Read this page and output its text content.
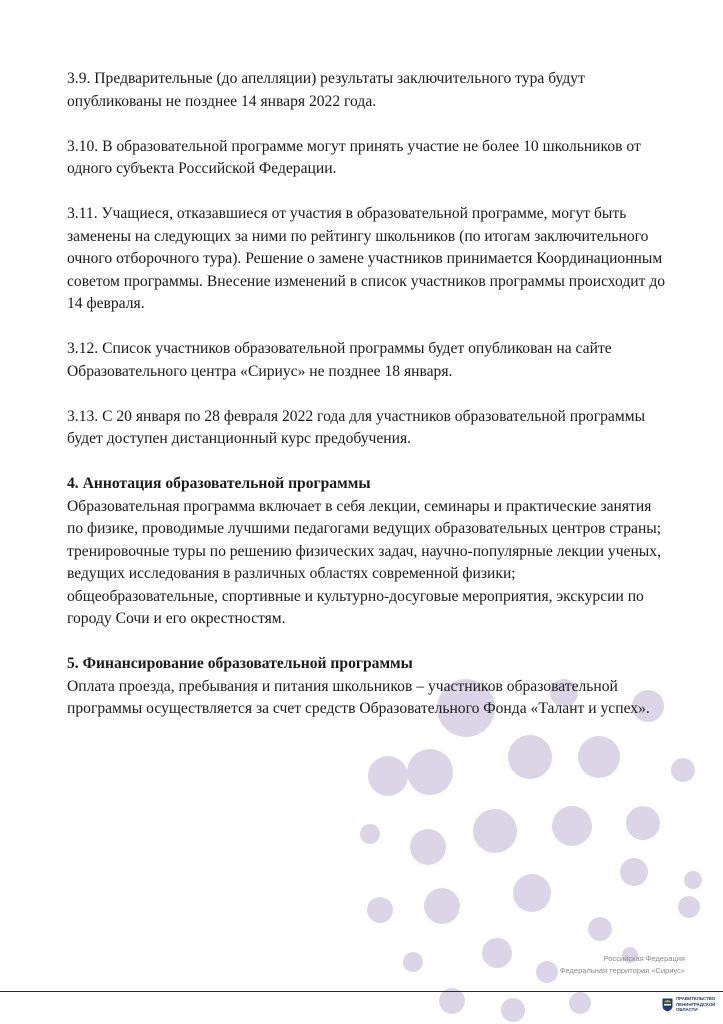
3.9. Предварительные (до апелляции) результаты заключительного тура будут опубликованы не позднее 14 января 2022 года.

3.10. В образовательной программе могут принять участие не более 10 школьников от одного субъекта Российской Федерации.

3.11. Учащиеся, отказавшиеся от участия в образовательной программе, могут быть заменены на следующих за ними по рейтингу школьников (по итогам заключительного очного отборочного тура). Решение о замене участников принимается Координационным советом программы. Внесение изменений в список участников программы происходит до 14 февраля.

3.12. Список участников образовательной программы будет опубликован на сайте Образовательного центра «Сириус» не позднее 18 января.

3.13. С 20 января по 28 февраля 2022 года для участников образовательной программы будет доступен дистанционный курс предобучения.

4. Аннотация образовательной программы

Образовательная программа включает в себя лекции, семинары и практические занятия по физике, проводимые лучшими педагогами ведущих образовательных центров страны; тренировочные туры по решению физических задач, научно-популярные лекции ученых, ведущих исследования в различных областях современной физики; общеобразовательные, спортивные и культурно-досуговые мероприятия, экскурсии по городу Сочи и его окрестностям.

5. Финансирование образовательной программы

Оплата проезда, пребывания и питания школьников – участников образовательной программы осуществляется за счет средств Образовательного Фонда «Талант и успех».

Российская Федерация
Федеральная территория «Сириус»
ПРАВИТЕЛЬСТВО
ЛЕНИНГРАДСКОЙ
ОБЛАСТИ
